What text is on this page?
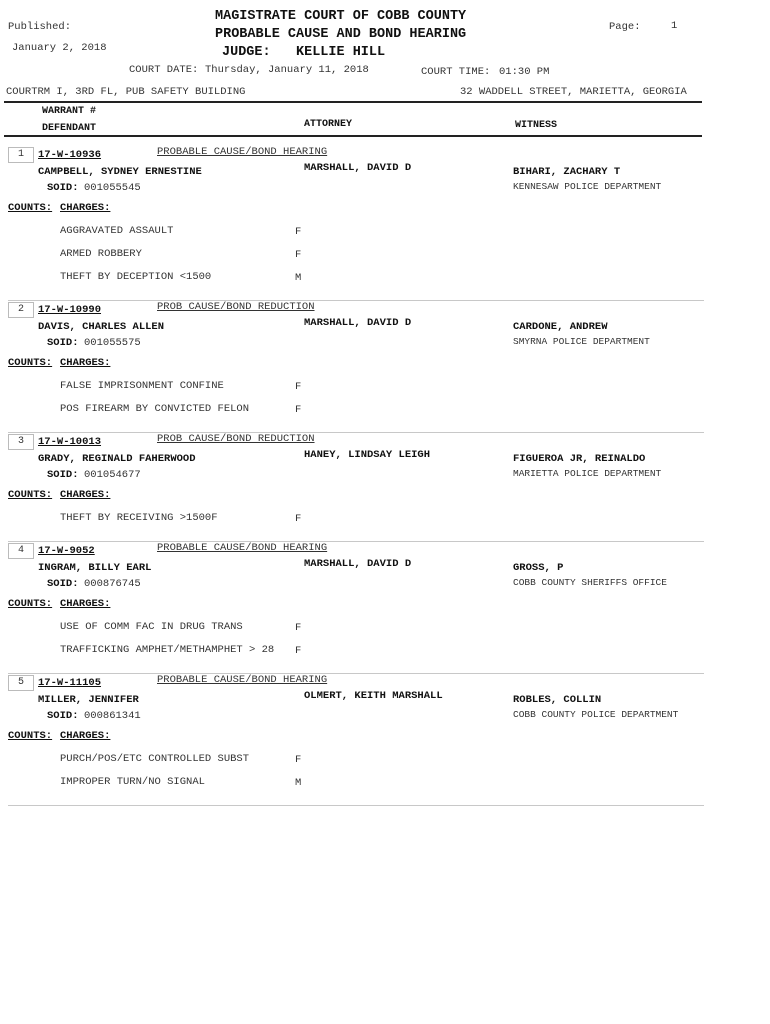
Published:
January 2, 2018
MAGISTRATE COURT OF COBB COUNTY
PROBABLE CAUSE AND BOND HEARING
JUDGE: KELLIE HILL
Page:	1
COURT DATE: Thursday, January 11, 2018	COURT TIME: 01:30 PM
COURTRM I, 3RD FL, PUB SAFETY BUILDING	32 WADDELL STREET, MARIETTA, GEORGIA
WARRANT #
DEFENDANT	ATTORNEY	WITNESS
1	17-W-10936	PROBABLE CAUSE/BOND HEARING
CAMPBELL, SYDNEY ERNESTINE	MARSHALL, DAVID D	BIHARI, ZACHARY T
KENNESAW POLICE DEPARTMENT
SOID: 001055545
COUNTS: CHARGES:
AGGRAVATED ASSAULT	F
ARMED ROBBERY	F
THEFT BY DECEPTION <1500	M
2	17-W-10990	PROB CAUSE/BOND REDUCTION
DAVIS, CHARLES ALLEN	MARSHALL, DAVID D	CARDONE, ANDREW
SMYRNA POLICE DEPARTMENT
SOID: 001055575
COUNTS: CHARGES:
FALSE IMPRISONMENT CONFINE	F
POS FIREARM BY CONVICTED FELON	F
3	17-W-10013	PROB CAUSE/BOND REDUCTION
GRADY, REGINALD FAHERWOOD	HANEY, LINDSAY LEIGH	FIGUEROA JR, REINALDO
MARIETTA POLICE DEPARTMENT
SOID: 001054677
COUNTS: CHARGES:
THEFT BY RECEIVING >1500F	F
4	17-W-9052	PROBABLE CAUSE/BOND HEARING
INGRAM, BILLY EARL	MARSHALL, DAVID D	GROSS, P
COBB COUNTY SHERIFFS OFFICE
SOID: 000876745
COUNTS: CHARGES:
USE OF COMM FAC IN DRUG TRANS	F
TRAFFICKING AMPHET/METHAMPHET > 28 F
5	17-W-11105	PROBABLE CAUSE/BOND HEARING
MILLER, JENNIFER	OLMERT, KEITH MARSHALL	ROBLES, COLLIN
COBB COUNTY POLICE DEPARTMENT
SOID: 000861341
COUNTS: CHARGES:
PURCH/POS/ETC CONTROLLED SUBST	F
IMPROPER TURN/NO SIGNAL	M
